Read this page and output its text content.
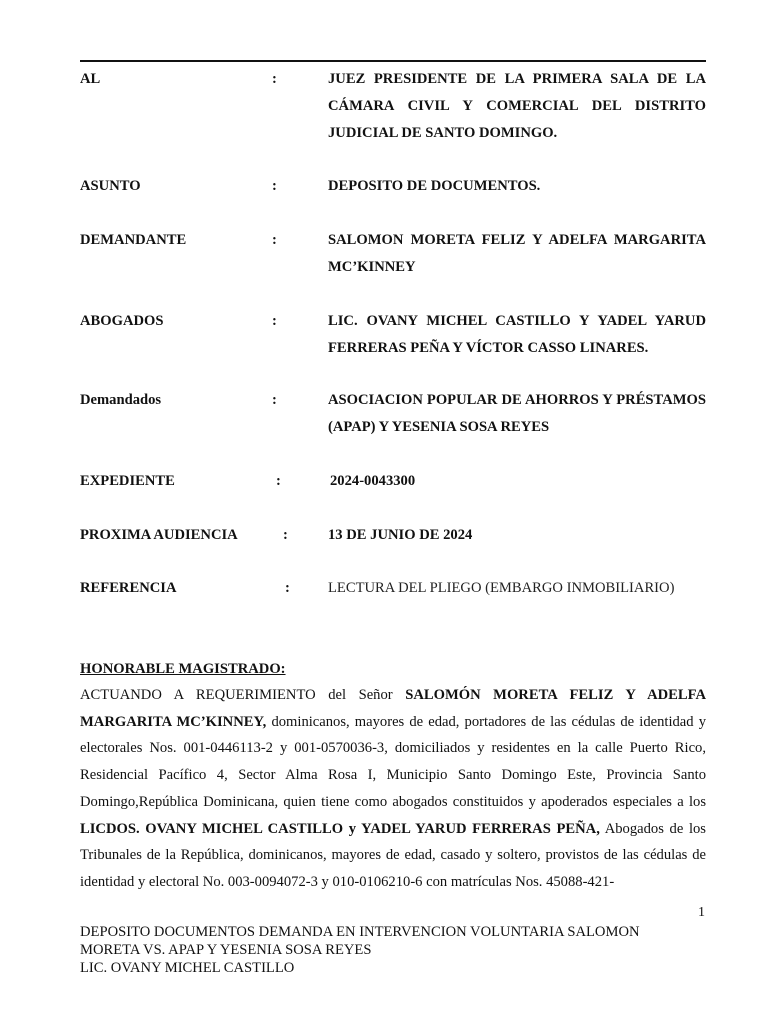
AL	:	JUEZ PRESIDENTE DE LA PRIMERA SALA DE LA CÁMARA CIVIL Y COMERCIAL DEL DISTRITO JUDICIAL DE SANTO DOMINGO.
ASUNTO	:	DEPOSITO DE DOCUMENTOS.
DEMANDANTE	:	SALOMON MORETA FELIZ Y ADELFA MARGARITA MC’KINNEY
ABOGADOS	:	LIC. OVANY MICHEL CASTILLO Y YADEL YARUD FERRERAS PEÑA Y VÍCTOR CASSO LINARES.
Demandados	:	ASOCIACION POPULAR DE AHORROS Y PRÉSTAMOS (APAP) Y YESENIA SOSA REYES
EXPEDIENTE	:	2024-0043300
PROXIMA AUDIENCIA	:	13 DE JUNIO DE 2024
REFERENCIA	:	LECTURA DEL PLIEGO (EMBARGO INMOBILIARIO)
HONORABLE MAGISTRADO:
ACTUANDO A REQUERIMIENTO del Señor SALOMÓN MORETA FELIZ Y ADELFA MARGARITA MC’KINNEY, dominicanos, mayores de edad, portadores de las cédulas de identidad y electorales Nos. 001-0446113-2 y 001-0570036-3, domiciliados y residentes en la calle Puerto Rico, Residencial Pacífico 4, Sector Alma Rosa I, Municipio Santo Domingo Este, Provincia Santo Domingo,República Dominicana, quien tiene como abogados constituidos y apoderados especiales a los LICDOS. OVANY MICHEL CASTILLO y YADEL YARUD FERRERAS PEÑA, Abogados de los Tribunales de la República, dominicanos, mayores de edad, casado y soltero, provistos de las cédulas de identidad y electoral No. 003-0094072-3 y 010-0106210-6 con matrículas Nos. 45088-421-
1
DEPOSITO DOCUMENTOS DEMANDA EN INTERVENCION VOLUNTARIA SALOMON
MORETA VS. APAP Y YESENIA SOSA REYES
LIC. OVANY MICHEL CASTILLO
